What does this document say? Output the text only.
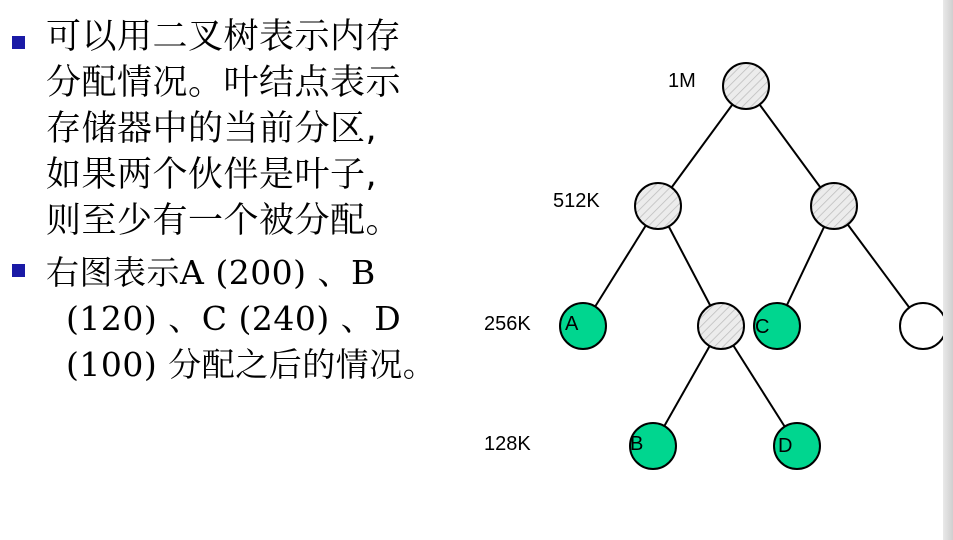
可以用二叉树表示内存
分配情况。叶结点表示
存储器中的当前分区,
如果两个伙伴是叶子,
则至少有一个被分配。
右图表示A (200) 、B
(120) 、C (240) 、D
(100) 分配之后的情况。
1M
512K
256K
128K
A	C
B	D
